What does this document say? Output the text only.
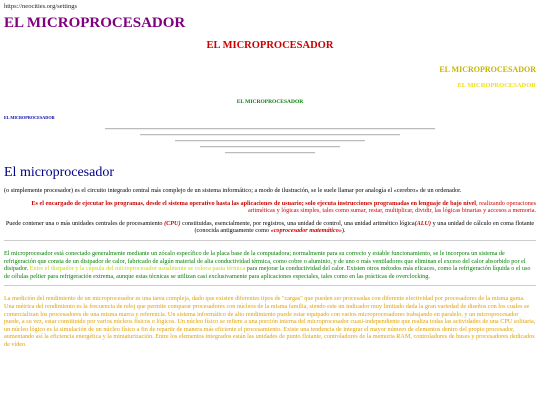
https://neocities.org/settings
EL MICROPROCESADOR
EL MICROPROCESADOR
EL MICROPROCESADOR
EL MICROPROCESADOR
EL MICROPROCESADOR
EL MICROPROCESADOR
El microprocesador

(o simplemente procesador) es el circuito integrado central más complejo de un sistema informático; a modo de ilustración, se le suele llamar por analogía el «cerebro» de un ordenador.

Es el encargado de ejecutar los programas, desde el sistema operativo hasta las aplicaciones de usuario; solo ejecuta instrucciones programadas en lenguaje de bajo nivel, realizando operaciones aritméticas y lógicas simples, tales como sumar, restar, multiplicar, dividir, las lógicas binarias y accesos a memoria.

Puede contener una o más unidades centrales de procesamiento (CPU) constituidas, esencialmente, por registros, una unidad de control, una unidad aritmético lógica(ALU) y una unidad de cálculo en coma flotante (conocida antiguamente como «coprocesador matemático»).

El microprocesador está conectado generalmente mediante un zócalo específico de la placa base de la computadora; normalmente para su correcto y estable funcionamiento, se le incorpora un sistema de refrigeración que consta de un disipador de calor, fabricado de algún material de alta conductividad térmica, como cobre o aluminio, y de uno o más ventiladores que eliminan el exceso del calor absorbido por el disipador. Entre el disipador y la cápsula del microprocesador usualmente se coloca pasta térmica para mejorar la conductividad del calor. Existen otros métodos más eficaces, como la refrigeración líquida o el uso de células peltier para refrigeración extrema, aunque estas técnicas se utilizan casi exclusivamente para aplicaciones especiales, tales como en las prácticas de overclocking.

La medición del rendimiento de un microprocesador es una tarea compleja, dado que existen diferentes tipos de "cargas" que pueden ser procesadas con diferente efectividad por procesadores de la misma gama. Una métrica del rendimiento es la frecuencia de reloj que permite comparar procesadores con núcleos de la misma familia, siendo este un indicador muy limitado dada la gran variedad de diseños con los cuales se comercializan los procesadores de una misma marca y referencia. Un sistema informático de alto rendimiento puede estar equipado con varios microprocesadores trabajando en paralelo, y un microprocesador puede, a su vez, estar constituido por varios núcleos físicos o lógicos. Un núcleo físico se refiere a una porción interna del microprocesador cuasi-independiente que realiza todas las actividades de una CPU solitaria, un núcleo lógico es la simulación de un núcleo físico a fin de repartir de manera más eficiente el procesamiento. Existe una tendencia de integrar el mayor número de elementos dentro del propio procesador, aumentando así la eficiencia energética y la miniaturización. Entre los elementos integrados están las unidades de punto flotante, controladores de la memoria RAM, controladores de buses y procesadores dedicados de vídeo.
